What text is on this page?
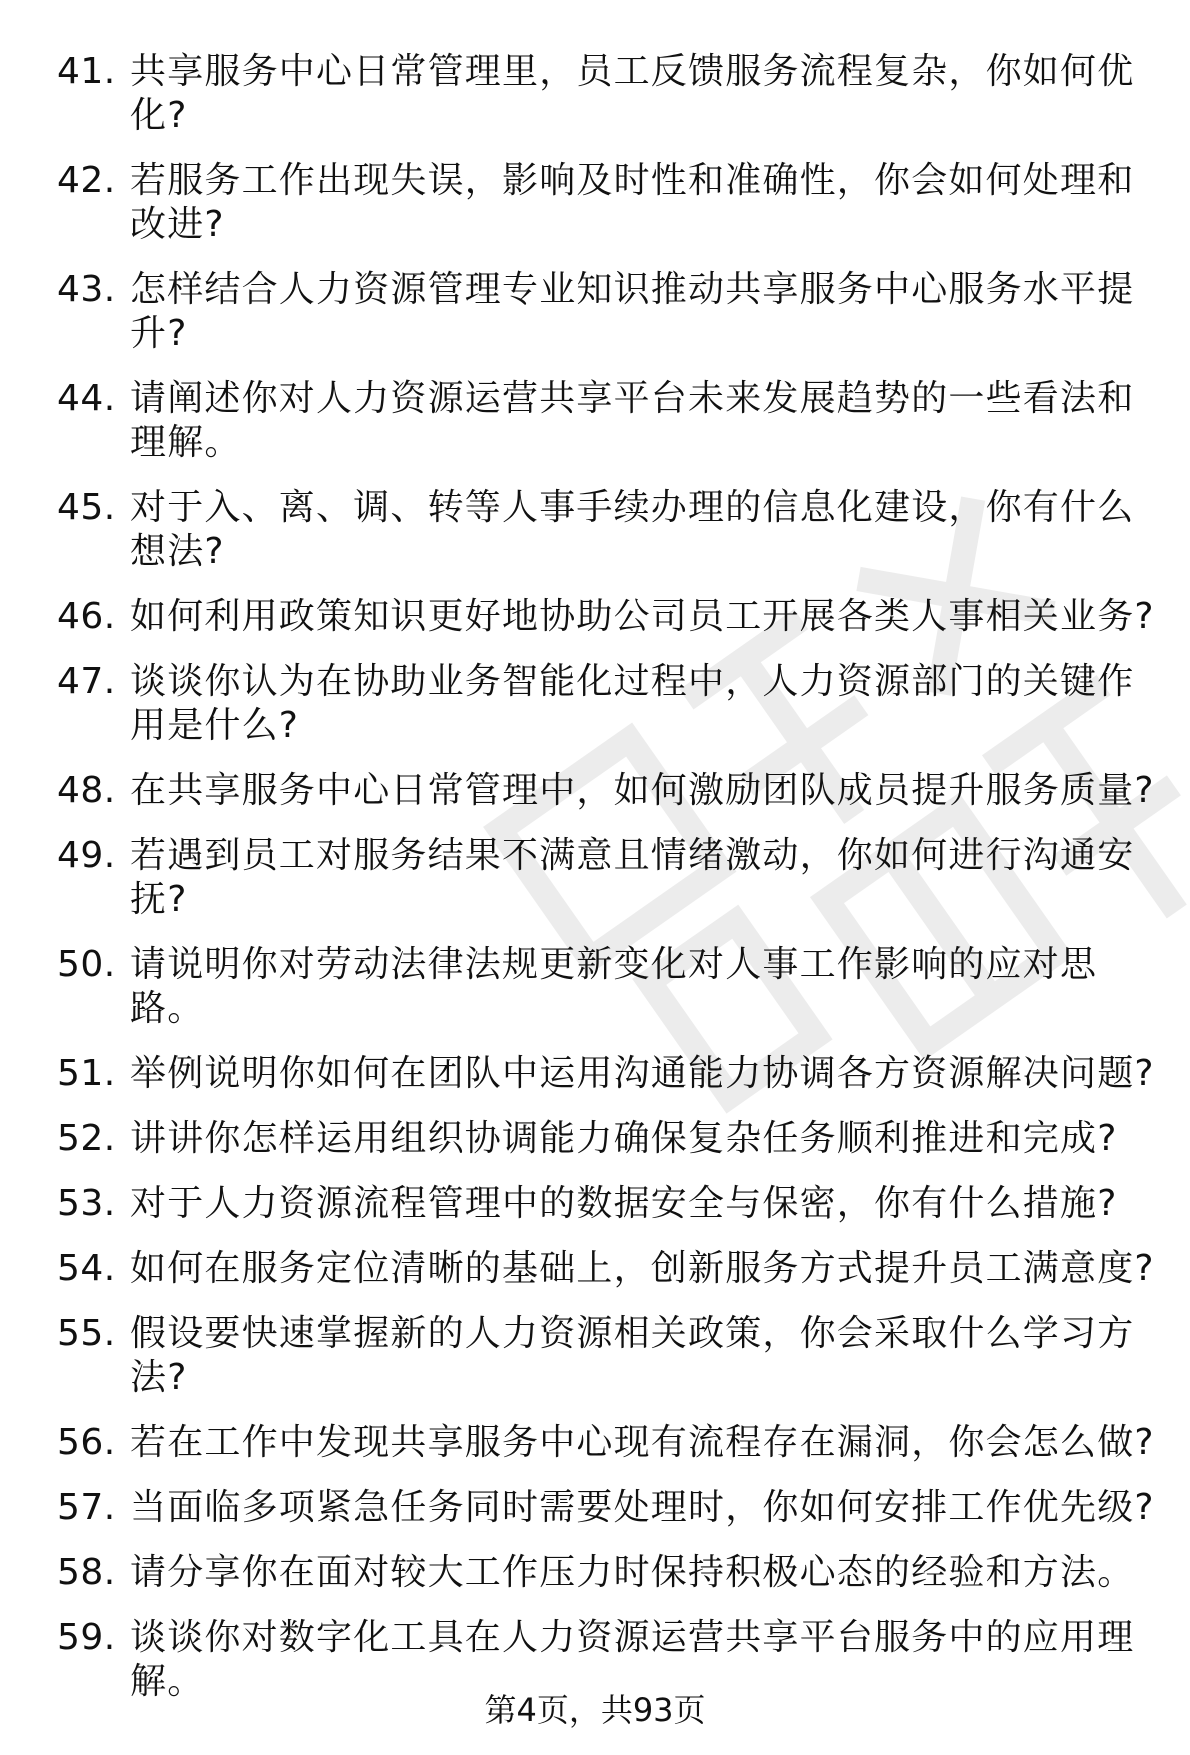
41. 共享服务中心日常管理里，员工反馈服务流程复杂，你如何优化?
42. 若服务工作出现失误，影响及时性和准确性，你会如何处理和改进?
43. 怎样结合人力资源管理专业知识推动共享服务中心服务水平提升?
44. 请阐述你对人力资源运营共享平台未来发展趋势的一些看法和理解。
45. 对于入、离、调、转等人事手续办理的信息化建设，你有什么想法?
46. 如何利用政策知识更好地协助公司员工开展各类人事相关业务?
47. 谈谈你认为在协助业务智能化过程中，人力资源部门的关键作用是什么?
48. 在共享服务中心日常管理中，如何激励团队成员提升服务质量?
49. 若遇到员工对服务结果不满意且情绪激动，你如何进行沟通安抚?
50. 请说明你对劳动法律法规更新变化对人事工作影响的应对思路。
51. 举例说明你如何在团队中运用沟通能力协调各方资源解决问题?
52. 讲讲你怎样运用组织协调能力确保复杂任务顺利推进和完成?
53. 对于人力资源流程管理中的数据安全与保密，你有什么措施?
54. 如何在服务定位清晰的基础上，创新服务方式提升员工满意度?
55. 假设要快速掌握新的人力资源相关政策，你会采取什么学习方法?
56. 若在工作中发现共享服务中心现有流程存在漏洞，你会怎么做?
57. 当面临多项紧急任务同时需要处理时，你如何安排工作优先级?
58. 请分享你在面对较大工作压力时保持积极心态的经验和方法。
59. 谈谈你对数字化工具在人力资源运营共享平台服务中的应用理解。
第4页，共93页
